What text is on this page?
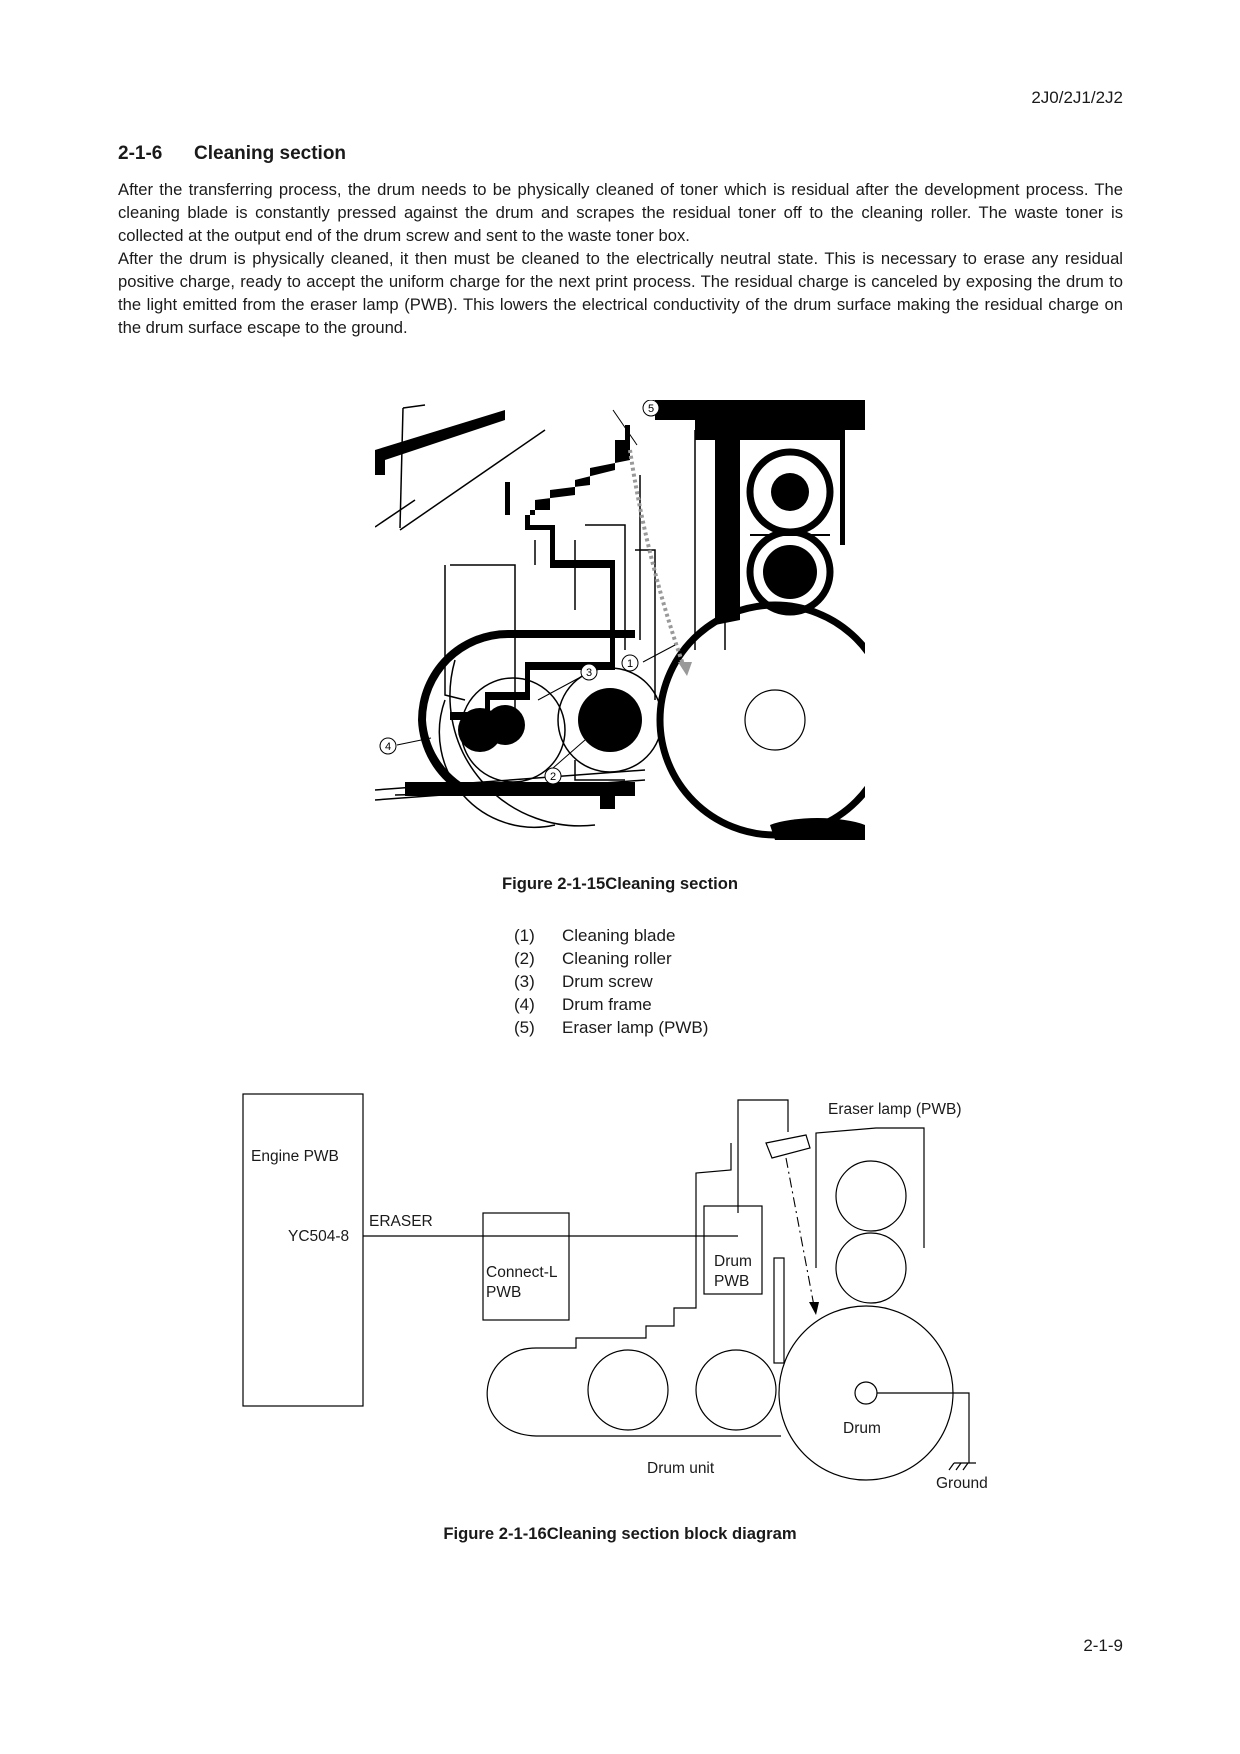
2J0/2J1/2J2
2-1-6 Cleaning section

After the transferring process, the drum needs to be physically cleaned of toner which is residual after the development process. The cleaning blade is constantly pressed against the drum and scrapes the residual toner off to the cleaning roller. The waste toner is collected at the output end of the drum screw and sent to the waste toner box.

After the drum is physically cleaned, it then must be cleaned to the electrically neutral state. This is necessary to erase any residual positive charge, ready to accept the uniform charge for the next print process. The residual charge is canceled by exposing the drum to the light emitted from the eraser lamp (PWB). This lowers the electrical conductivity of the drum surface making the residual charge on the drum surface escape to the ground.

1
2
3
4
5
Figure 2-1-15Cleaning section
(1)	Cleaning blade
(2)	Cleaning roller
(3)	Drum screw
(4)	Drum frame
(5)	Eraser lamp (PWB)
Engine PWB
YC504-8
ERASER
Connect-L
PWB
Drum
PWB
Eraser lamp (PWB)
Drum
Drum unit
Ground
Figure 2-1-16Cleaning section block diagram
2-1-9
